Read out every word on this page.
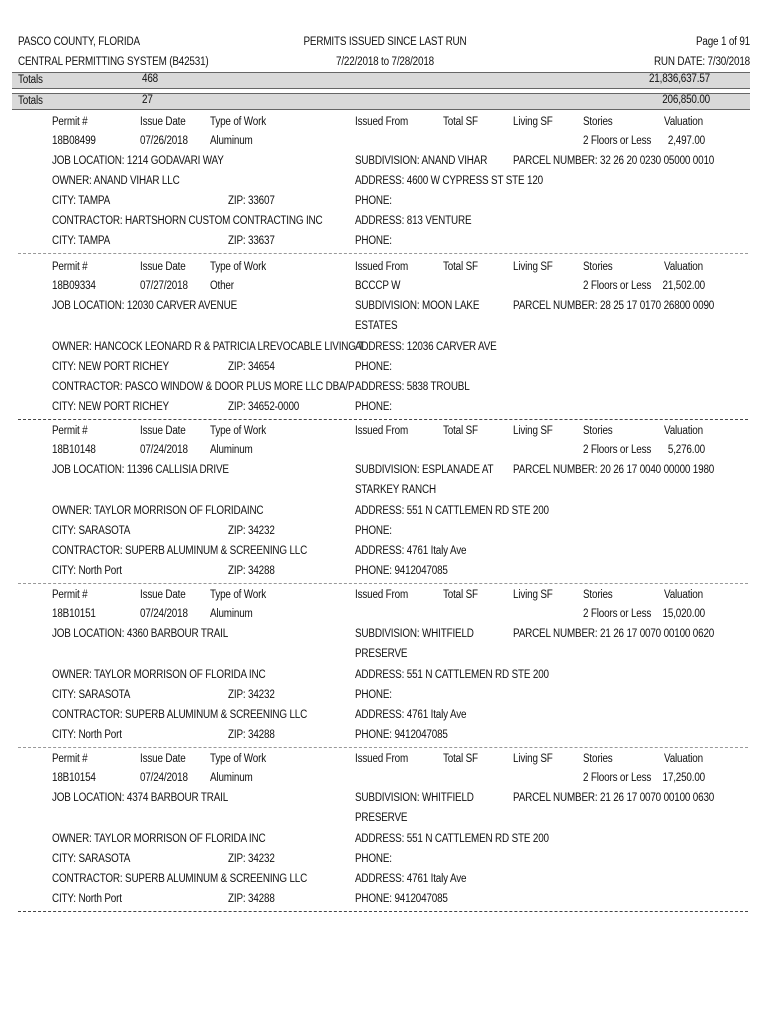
PASCO COUNTY, FLORIDA
CENTRAL PERMITTING SYSTEM (B42531)
PERMITS ISSUED SINCE LAST RUN
7/22/2018 to 7/28/2018
Page 1 of 91
RUN DATE: 7/30/2018
Totals	468	21,836,637.57
Totals	27	206,850.00
Permit #	Issue Date Type of Work	Issued From	Total SF	Living SF	Stories	Valuation
18B08499	07/26/2018 Aluminum	2 Floors or Less	2,497.00
JOB LOCATION: 1214 GODAVARI WAY	SUBDIVISION: ANAND VIHAR PARCEL NUMBER: 32 26 20 0230 05000 0010
OWNER: ANAND VIHAR LLC	ADDRESS: 4600 W CYPRESS ST STE 120
CITY: TAMPA	ZIP: 33607	PHONE:
CONTRACTOR: HARTSHORN CUSTOM CONTRACTING INC	ADDRESS: 813 VENTURE
CITY: TAMPA	ZIP: 33637	PHONE:
Permit #	Issue Date Type of Work	Issued From	Total SF	Living SF	Stories	Valuation
18B09334	07/27/2018 Other	BCCCP W	2 Floors or Less 21,502.00
JOB LOCATION: 12030 CARVER AVENUE	SUBDIVISION: MOON LAKE
ESTATES
PARCEL NUMBER: 28 25 17 0170 26800 0090
OWNER: HANCOCK LEONARD R & PATRICIA LREVOCABLE LIVING T
ADDRESS: 12036 CARVER AVE
CITY: NEW PORT RICHEY	ZIP: 34654	PHONE:
CONTRACTOR: PASCO WINDOW & DOOR PLUS MORE LLC DBA/P ADDRESS: 5838 TROUBL
CITY: NEW PORT RICHEY	ZIP: 34652-0000	PHONE:
Permit #	Issue Date Type of Work	Issued From	Total SF	Living SF	Stories	Valuation
18B10148	07/24/2018 Aluminum	2 Floors or Less	5,276.00
JOB LOCATION: 11396 CALLISIA DRIVE	SUBDIVISION: ESPLANADE AT
STARKEY RANCH
PARCEL NUMBER: 20 26 17 0040 00000 1980
OWNER: TAYLOR MORRISON OF FLORIDAINC	ADDRESS: 551 N CATTLEMEN RD STE 200
CITY: SARASOTA	ZIP: 34232	PHONE:
CONTRACTOR: SUPERB ALUMINUM & SCREENING LLC	ADDRESS: 4761 Italy Ave
CITY: North Port	ZIP: 34288	PHONE: 9412047085
Permit #	Issue Date Type of Work	Issued From	Total SF	Living SF	Stories	Valuation
18B10151	07/24/2018 Aluminum	2 Floors or Less 15,020.00
JOB LOCATION: 4360 BARBOUR TRAIL	SUBDIVISION: WHITFIELD
PRESERVE
PARCEL NUMBER: 21 26 17 0070 00100 0620
OWNER: TAYLOR MORRISON OF FLORIDA INC	ADDRESS: 551 N CATTLEMEN RD STE 200
CITY: SARASOTA	ZIP: 34232	PHONE:
CONTRACTOR: SUPERB ALUMINUM & SCREENING LLC	ADDRESS: 4761 Italy Ave
CITY: North Port	ZIP: 34288	PHONE: 9412047085
Permit #	Issue Date Type of Work	Issued From	Total SF	Living SF	Stories	Valuation
18B10154	07/24/2018 Aluminum	2 Floors or Less 17,250.00
JOB LOCATION: 4374 BARBOUR TRAIL	SUBDIVISION: WHITFIELD
PRESERVE
PARCEL NUMBER: 21 26 17 0070 00100 0630
OWNER: TAYLOR MORRISON OF FLORIDA INC	ADDRESS: 551 N CATTLEMEN RD STE 200
CITY: SARASOTA	ZIP: 34232	PHONE:
CONTRACTOR: SUPERB ALUMINUM & SCREENING LLC	ADDRESS: 4761 Italy Ave
CITY: North Port	ZIP: 34288	PHONE: 9412047085
